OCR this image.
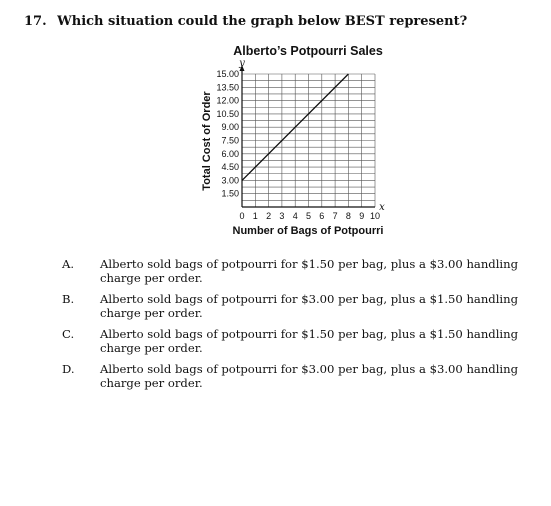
17. Which situation could the graph below BEST represent?
Alberto’s Potpourri Sales
0 1 2 3 4 5 6 7 8 9 10
1.50
3.00
4.50
6.00
7.50
9.00
10.50
12.00
13.50
15.00
y
x
Total Cost of Order
Number of Bags of Potpourri
A.	Alberto sold bags of potpourri for $1.50 per bag, plus a $3.00 handling charge per order.
B.	Alberto sold bags of potpourri for $3.00 per bag, plus a $1.50 handling charge per order.
C.	Alberto sold bags of potpourri for $1.50 per bag, plus a $1.50 handling charge per order.
D.	Alberto sold bags of potpourri for $3.00 per bag, plus a $3.00 handling charge per order.
